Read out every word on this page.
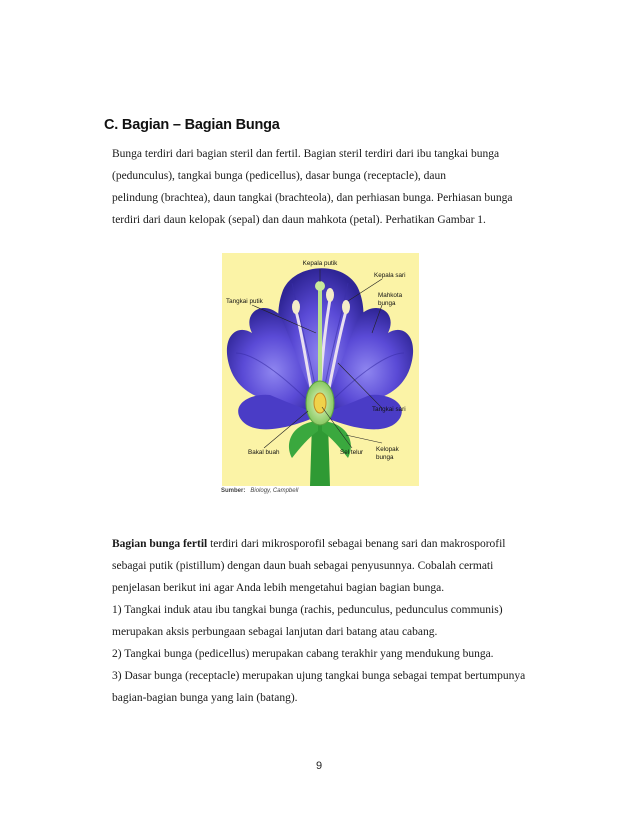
C. Bagian – Bagian Bunga
Bunga terdiri dari bagian steril dan fertil. Bagian steril terdiri dari ibu tangkai bunga
(pedunculus), tangkai bunga (pedicellus), dasar bunga (receptacle), daun
pelindung (brachtea), daun tangkai (brachteola), dan perhiasan bunga. Perhiasan bunga
terdiri dari daun kelopak (sepal) dan daun mahkota (petal). Perhatikan Gambar 1.
Kepala putik
Kepala sari
Tangkai putik
Mahkota
bunga
Tangkai sari
Kelopak
bunga
Bakal buah	Sel telur
Sumber: Biology, Campbell
Bagian bunga fertil terdiri dari mikrosporofil sebagai benang sari dan makrosporofil
sebagai putik (pistillum) dengan daun buah sebagai penyusunnya. Cobalah cermati
penjelasan berikut ini agar Anda lebih mengetahui bagian bagian bunga.
1) Tangkai induk atau ibu tangkai bunga (rachis, pedunculus, pedunculus communis)
merupakan aksis perbungaan sebagai lanjutan dari batang atau cabang.
2) Tangkai bunga (pedicellus) merupakan cabang terakhir yang mendukung bunga.
3) Dasar bunga (receptacle) merupakan ujung tangkai bunga sebagai tempat bertumpunya
bagian-bagian bunga yang lain (batang).
9
